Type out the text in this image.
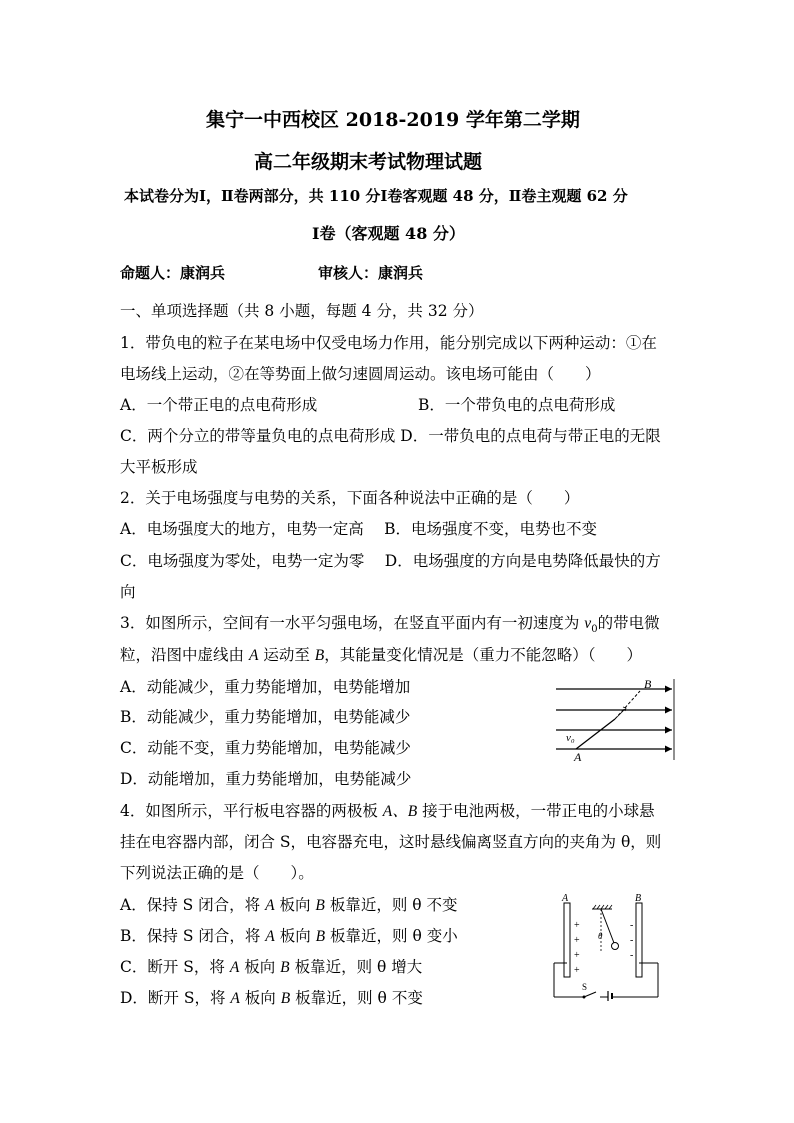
集宁一中西校区 2018-2019 学年第二学期
高二年级期末考试物理试题
本试卷分为Ⅰ，Ⅱ卷两部分，共 110 分Ⅰ卷客观题 48 分，Ⅱ卷主观题 62 分
Ⅰ卷（客观题 48 分）
命题人：康润兵	审核人：康润兵
一、单项选择题（共 8 小题，每题 4 分，共 32 分）
1．带负电的粒子在某电场中仅受电场力作用，能分别完成以下两种运动：①在
电场线上运动，②在等势面上做匀速圆周运动。该电场可能由（　　）
A．一个带正电的点电荷形成	B．一个带负电的点电荷形成
C．两个分立的带等量负电的点电荷形成 D．一带负电的点电荷与带正电的无限
大平板形成
2．关于电场强度与电势的关系，下面各种说法中正确的是（　　）
A．电场强度大的地方，电势一定高　 B．电场强度不变，电势也不变
C．电场强度为零处，电势一定为零　 D．电场强度的方向是电势降低最快的方
向
3．如图所示，空间有一水平匀强电场，在竖直平面内有一初速度为 $v_0$的带电微
粒，沿图中虚线由 A 运动至 B，其能量变化情况是（重力不能忽略）（　　）
A．动能减少，重力势能增加，电势能增加
B．动能减少，重力势能增加，电势能减少
C．动能不变，重力势能增加，电势能减少
D．动能增加，重力势能增加，电势能减少
B
v₀
A
4．如图所示，平行板电容器的两极板 A、B 接于电池两极，一带正电的小球悬
挂在电容器内部，闭合 S，电容器充电，这时悬线偏离竖直方向的夹角为 θ，则
下列说法正确的是（　　）。
A．保持 S 闭合，将 A 板向 B 板靠近，则 θ 不变
B．保持 S 闭合，将 A 板向 B 板靠近，则 θ 变小
C．断开 S，将 A 板向 B 板靠近，则 θ 增大
D．断开 S，将 A 板向 B 板靠近，则 θ 不变
A	B
+
+
+
+
-
-
-
θ
S
